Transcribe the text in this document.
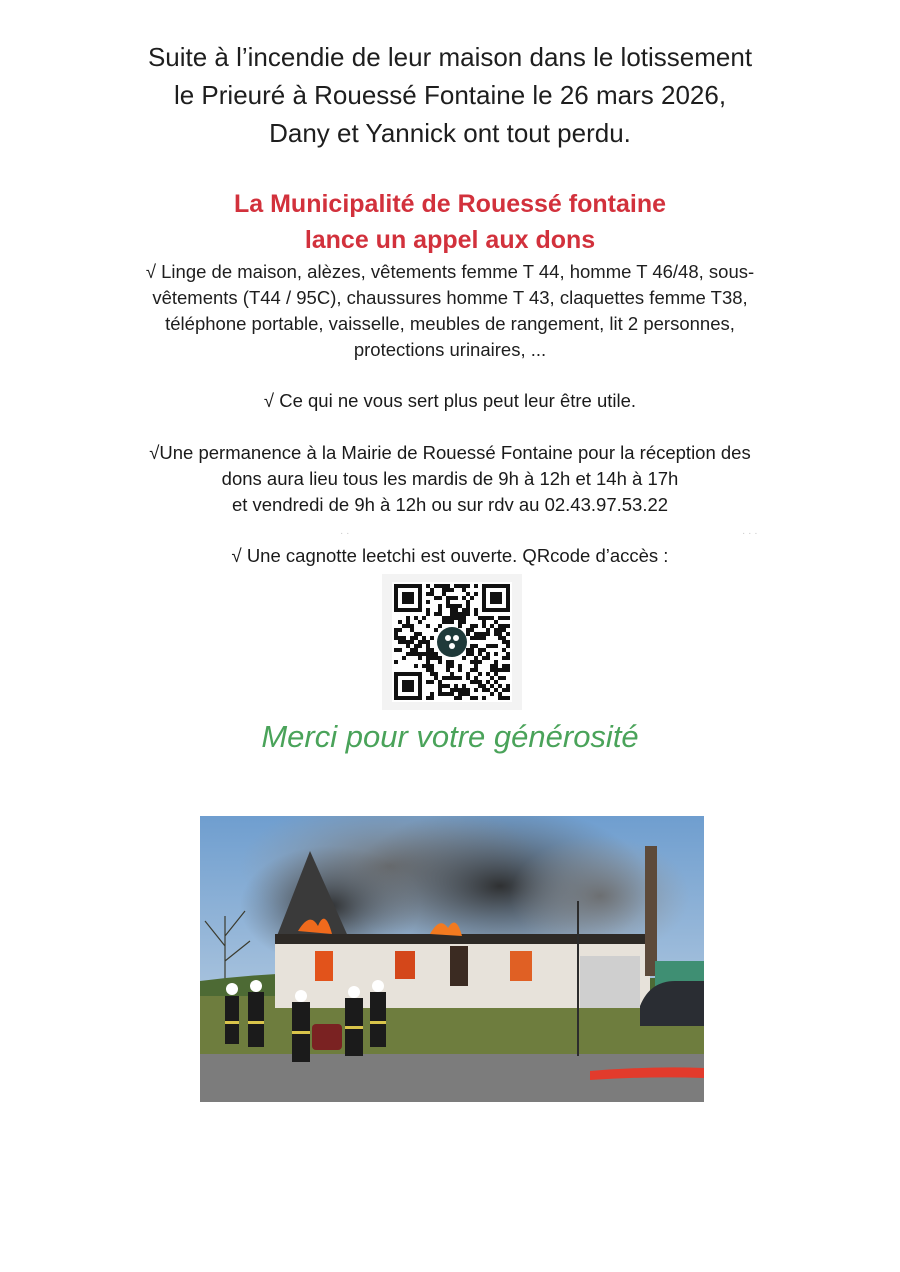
Suite à l’incendie de leur maison dans le lotissement
le Prieuré à Rouessé Fontaine le 26 mars 2026,
Dany et Yannick ont tout perdu.
La Municipalité de Rouessé fontaine
lance un appel aux dons
√ Linge de maison, alèzes, vêtements femme T 44, homme T 46/48, sous-
vêtements (T44 / 95C), chaussures homme T 43, claquettes femme T38,
téléphone portable, vaisselle, meubles de rangement, lit 2 personnes,
protections urinaires, ...
√ Ce qui ne vous sert plus peut leur être utile.
√Une permanence à la Mairie de Rouessé Fontaine pour la réception des
dons aura lieu tous les mardis de 9h à 12h et 14h à 17h
et vendredi de 9h à 12h ou sur rdv au 02.43.97.53.22
√ Une cagnotte leetchi est ouverte. QRcode d’accès :
Merci pour votre générosité
· ·	· · ·
